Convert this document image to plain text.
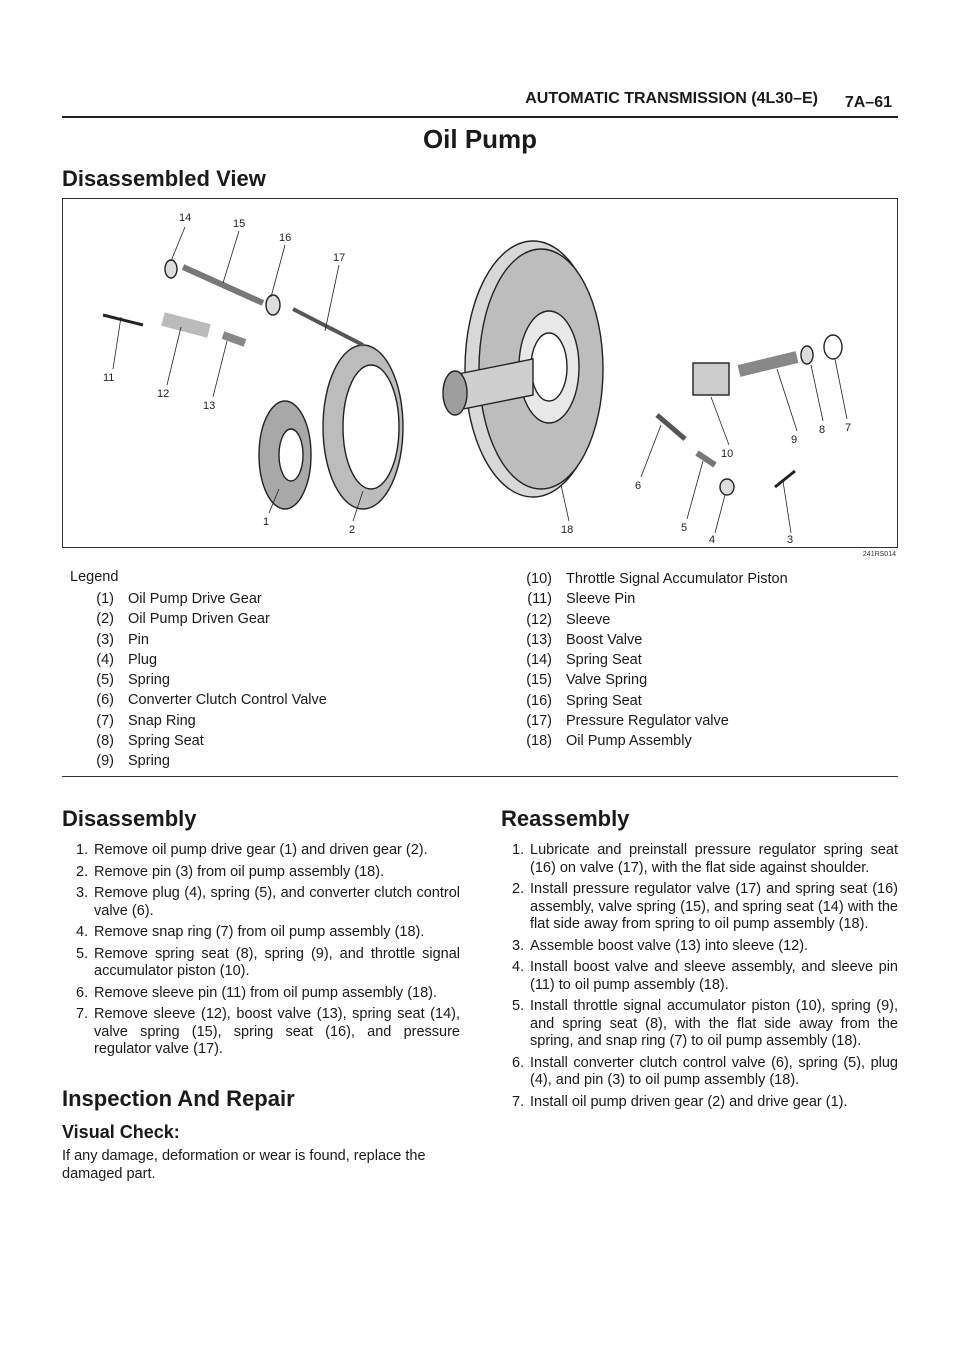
AUTOMATIC TRANSMISSION (4L30–E) 7A–61
Oil Pump
Disassembled View
14	15
16
17
11
12
13
1
2	18
6
5
4	3
10
9
8 7
241RS014
Legend
(1) Oil Pump Drive Gear
(2) Oil Pump Driven Gear
(3) Pin
(4) Plug
(5) Spring
(6) Converter Clutch Control Valve
(7) Snap Ring
(8) Spring Seat
(9) Spring
(10) Throttle Signal Accumulator Piston
(11) Sleeve Pin
(12) Sleeve
(13) Boost Valve
(14) Spring Seat
(15) Valve Spring
(16) Spring Seat
(17) Pressure Regulator valve
(18) Oil Pump Assembly
Disassembly
1. Remove oil pump drive gear (1) and driven gear (2).
2. Remove pin (3) from oil pump assembly (18).
3. Remove plug (4), spring (5), and converter clutch control valve (6).
4. Remove snap ring (7) from oil pump assembly (18).
5. Remove spring seat (8), spring (9), and throttle signal accumulator piston (10).
6. Remove sleeve pin (11) from oil pump assembly (18).
7. Remove sleeve (12), boost valve (13), spring seat (14), valve spring (15), spring seat (16), and pressure regulator valve (17).
Inspection And Repair
Visual Check:
If any damage, deformation or wear is found, replace the damaged part.
Reassembly
1. Lubricate and preinstall pressure regulator spring seat (16) on valve (17), with the flat side against shoulder.
2. Install pressure regulator valve (17) and spring seat (16) assembly, valve spring (15), and spring seat (14) with the flat side away from spring to oil pump assembly (18).
3. Assemble boost valve (13) into sleeve (12).
4. Install boost valve and sleeve assembly, and sleeve pin (11) to oil pump assembly (18).
5. Install throttle signal accumulator piston (10), spring (9), and spring seat (8), with the flat side away from the spring, and snap ring (7) to oil pump assembly (18).
6. Install converter clutch control valve (6), spring (5), plug (4), and pin (3) to oil pump assembly (18).
7. Install oil pump driven gear (2) and drive gear (1).
